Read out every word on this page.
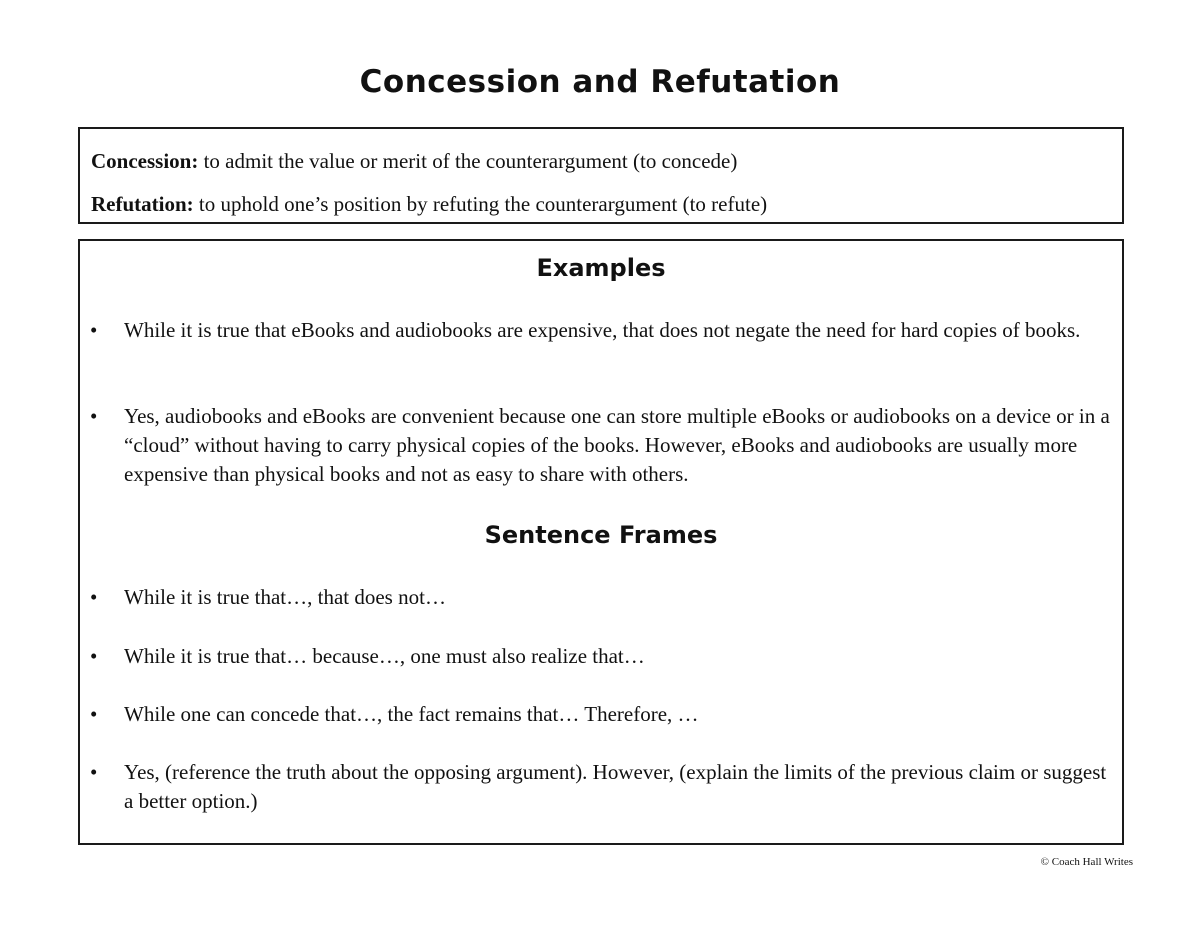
Concession and Refutation
Concession: to admit the value or merit of the counterargument (to concede)
Refutation: to uphold one’s position by refuting the counterargument (to refute)
Examples
•	While it is true that eBooks and audiobooks are expensive, that does not negate the need for hard copies of books.
•	Yes, audiobooks and eBooks are convenient because one can store multiple eBooks or audiobooks on a device or in a “cloud” without having to carry physical copies of the books. However, eBooks and audiobooks are usually more expensive than physical books and not as easy to share with others.
Sentence Frames
•	While it is true that…, that does not…
•	While it is true that… because…, one must also realize that…
•	While one can concede that…, the fact remains that… Therefore, …
•	Yes, (reference the truth about the opposing argument). However, (explain the limits of the previous claim or suggest a better option.)
© Coach Hall Writes
